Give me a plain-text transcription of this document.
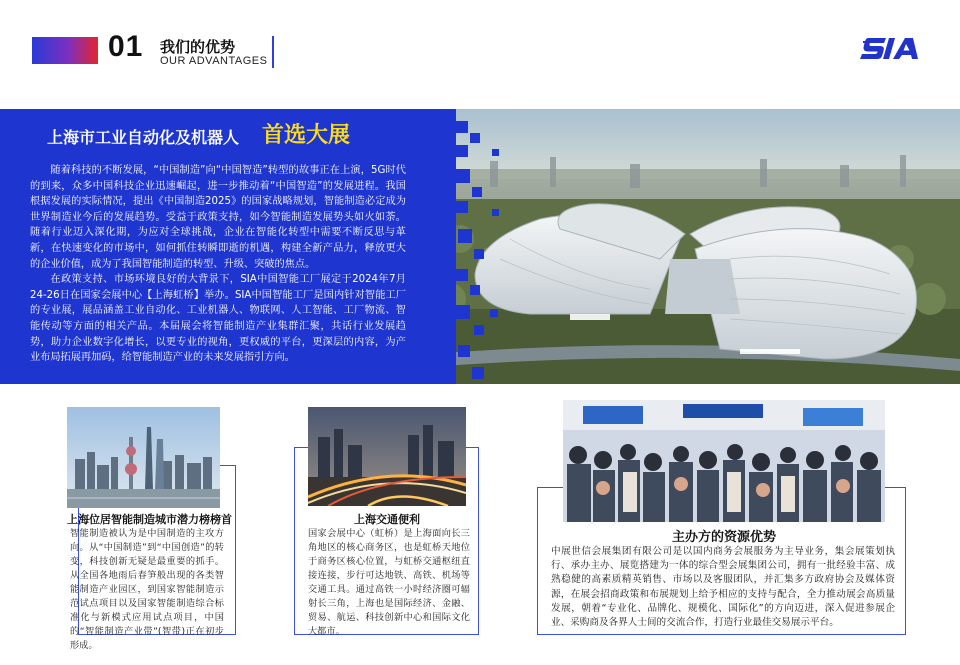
01 我们的优势
OUR ADVANTAGES
上海市工业自动化及机器人 首选大展

随着科技的不断发展，“中国制造”向“中国智造”转型的故事正在上演，5G时代的到来，众多中国科技企业迅速崛起，进一步推动着“中国智造”的发展进程。我国根据发展的实际情况，提出《中国制造2025》的国家战略规划，智能制造必定成为世界制造业今后的发展趋势。受益于政策支持，如今智能制造发展势头如火如荼。随着行业迈入深化期，为应对全球挑战，企业在智能化转型中需要不断反思与革新，在快速变化的市场中，如何抓住转瞬即逝的机遇，构建全新产品力，释放更大的企业价值，成为了我国智能制造的转型、升级、突破的焦点。

在政策支持、市场环境良好的大背景下，SIA中国智能工厂展定于2024年7月24-26日在国家会展中心【上海虹桥】举办。SIA中国智能工厂是国内针对智能工厂的专业展，展品涵盖工业自动化、工业机器人、物联网、人工智能、工厂物流、智能传动等方面的相关产品。本届展会将智能制造产业集群汇聚，共话行业发展趋势，助力企业数字化增长，以更专业的视角，更权威的平台，更深层的内容，为产业布局拓展再加码，给智能制造产业的未来发展指引方向。

上海位居智能制造城市潜力榜榜首
智能制造被认为是中国制造的主攻方向。从“中国制造”到“中国创造”的转变，科技创新无疑是最重要的抓手。从全国各地雨后春笋般出现的各类智能制造产业园区，到国家智能制造示范试点项目以及国家智能制造综合标准化与新模式应用试点项目，中国的“智能制造产业带”(智带)正在初步形成。
上海交通便利
国家会展中心（虹桥）是上海面向长三角地区的核心商务区，也是虹桥天地位于商务区核心位置，与虹桥交通枢纽直接连接，步行可达地铁、高铁、机场等交通工具。通过高铁一小时经济圈可辐射长三角，上海也是国际经济、金融、贸易、航运、科技创新中心和国际文化大都市。
主办方的资源优势
中展世信会展集团有限公司是以国内商务会展服务为主导业务，集会展策划执行、承办主办、展览搭建为一体的综合型会展集团公司，拥有一批经验丰富、成熟稳健的高素质精英销售、市场以及客服团队，并汇集多方政府协会及媒体资源，在展会招商政策和布展规划上给予相应的支持与配合，全力推动展会高质量发展，朝着“专业化、品牌化、规模化、国际化”的方向迈进，深入促进参展企业、采购商及各界人士间的交流合作，打造行业最佳交易展示平台。
